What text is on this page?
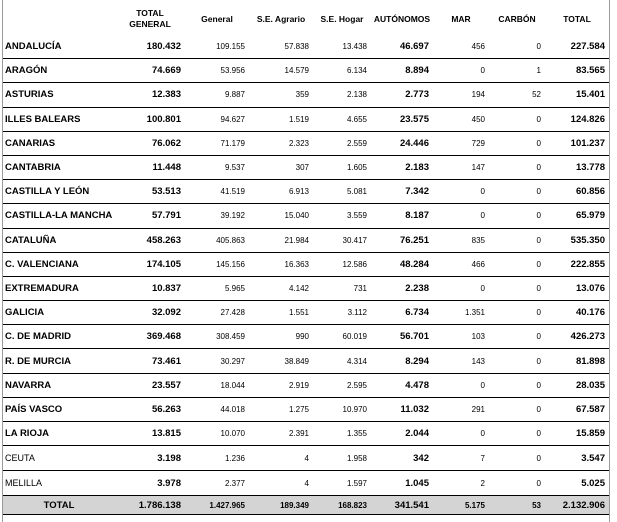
	TOTAL GENERAL	General	S.E. Agrario	S.E. Hogar	AUTÓNOMOS	MAR	CARBÓN	TOTAL
ANDALUCÍA	180.432	109.155	57.838	13.438	46.697	456	0	227.584
ARAGÓN	74.669	53.956	14.579	6.134	8.894	0	1	83.565
ASTURIAS	12.383	9.887	359	2.138	2.773	194	52	15.401
ILLES BALEARS	100.801	94.627	1.519	4.655	23.575	450	0	124.826
CANARIAS	76.062	71.179	2.323	2.559	24.446	729	0	101.237
CANTABRIA	11.448	9.537	307	1.605	2.183	147	0	13.778
CASTILLA Y LEÓN	53.513	41.519	6.913	5.081	7.342	0	0	60.856
CASTILLA-LA MANCHA	57.791	39.192	15.040	3.559	8.187	0	0	65.979
CATALUÑA	458.263	405.863	21.984	30.417	76.251	835	0	535.350
C. VALENCIANA	174.105	145.156	16.363	12.586	48.284	466	0	222.855
EXTREMADURA	10.837	5.965	4.142	731	2.238	0	0	13.076
GALICIA	32.092	27.428	1.551	3.112	6.734	1.351	0	40.176
C. DE MADRID	369.468	308.459	990	60.019	56.701	103	0	426.273
R. DE MURCIA	73.461	30.297	38.849	4.314	8.294	143	0	81.898
NAVARRA	23.557	18.044	2.919	2.595	4.478	0	0	28.035
PAÍS VASCO	56.263	44.018	1.275	10.970	11.032	291	0	67.587
LA RIOJA	13.815	10.070	2.391	1.355	2.044	0	0	15.859
CEUTA	3.198	1.236	4	1.958	342	7	0	3.547
MELILLA	3.978	2.377	4	1.597	1.045	2	0	5.025
TOTAL	1.786.138	1.427.965	189.349	168.823	341.541	5.175	53	2.132.906
